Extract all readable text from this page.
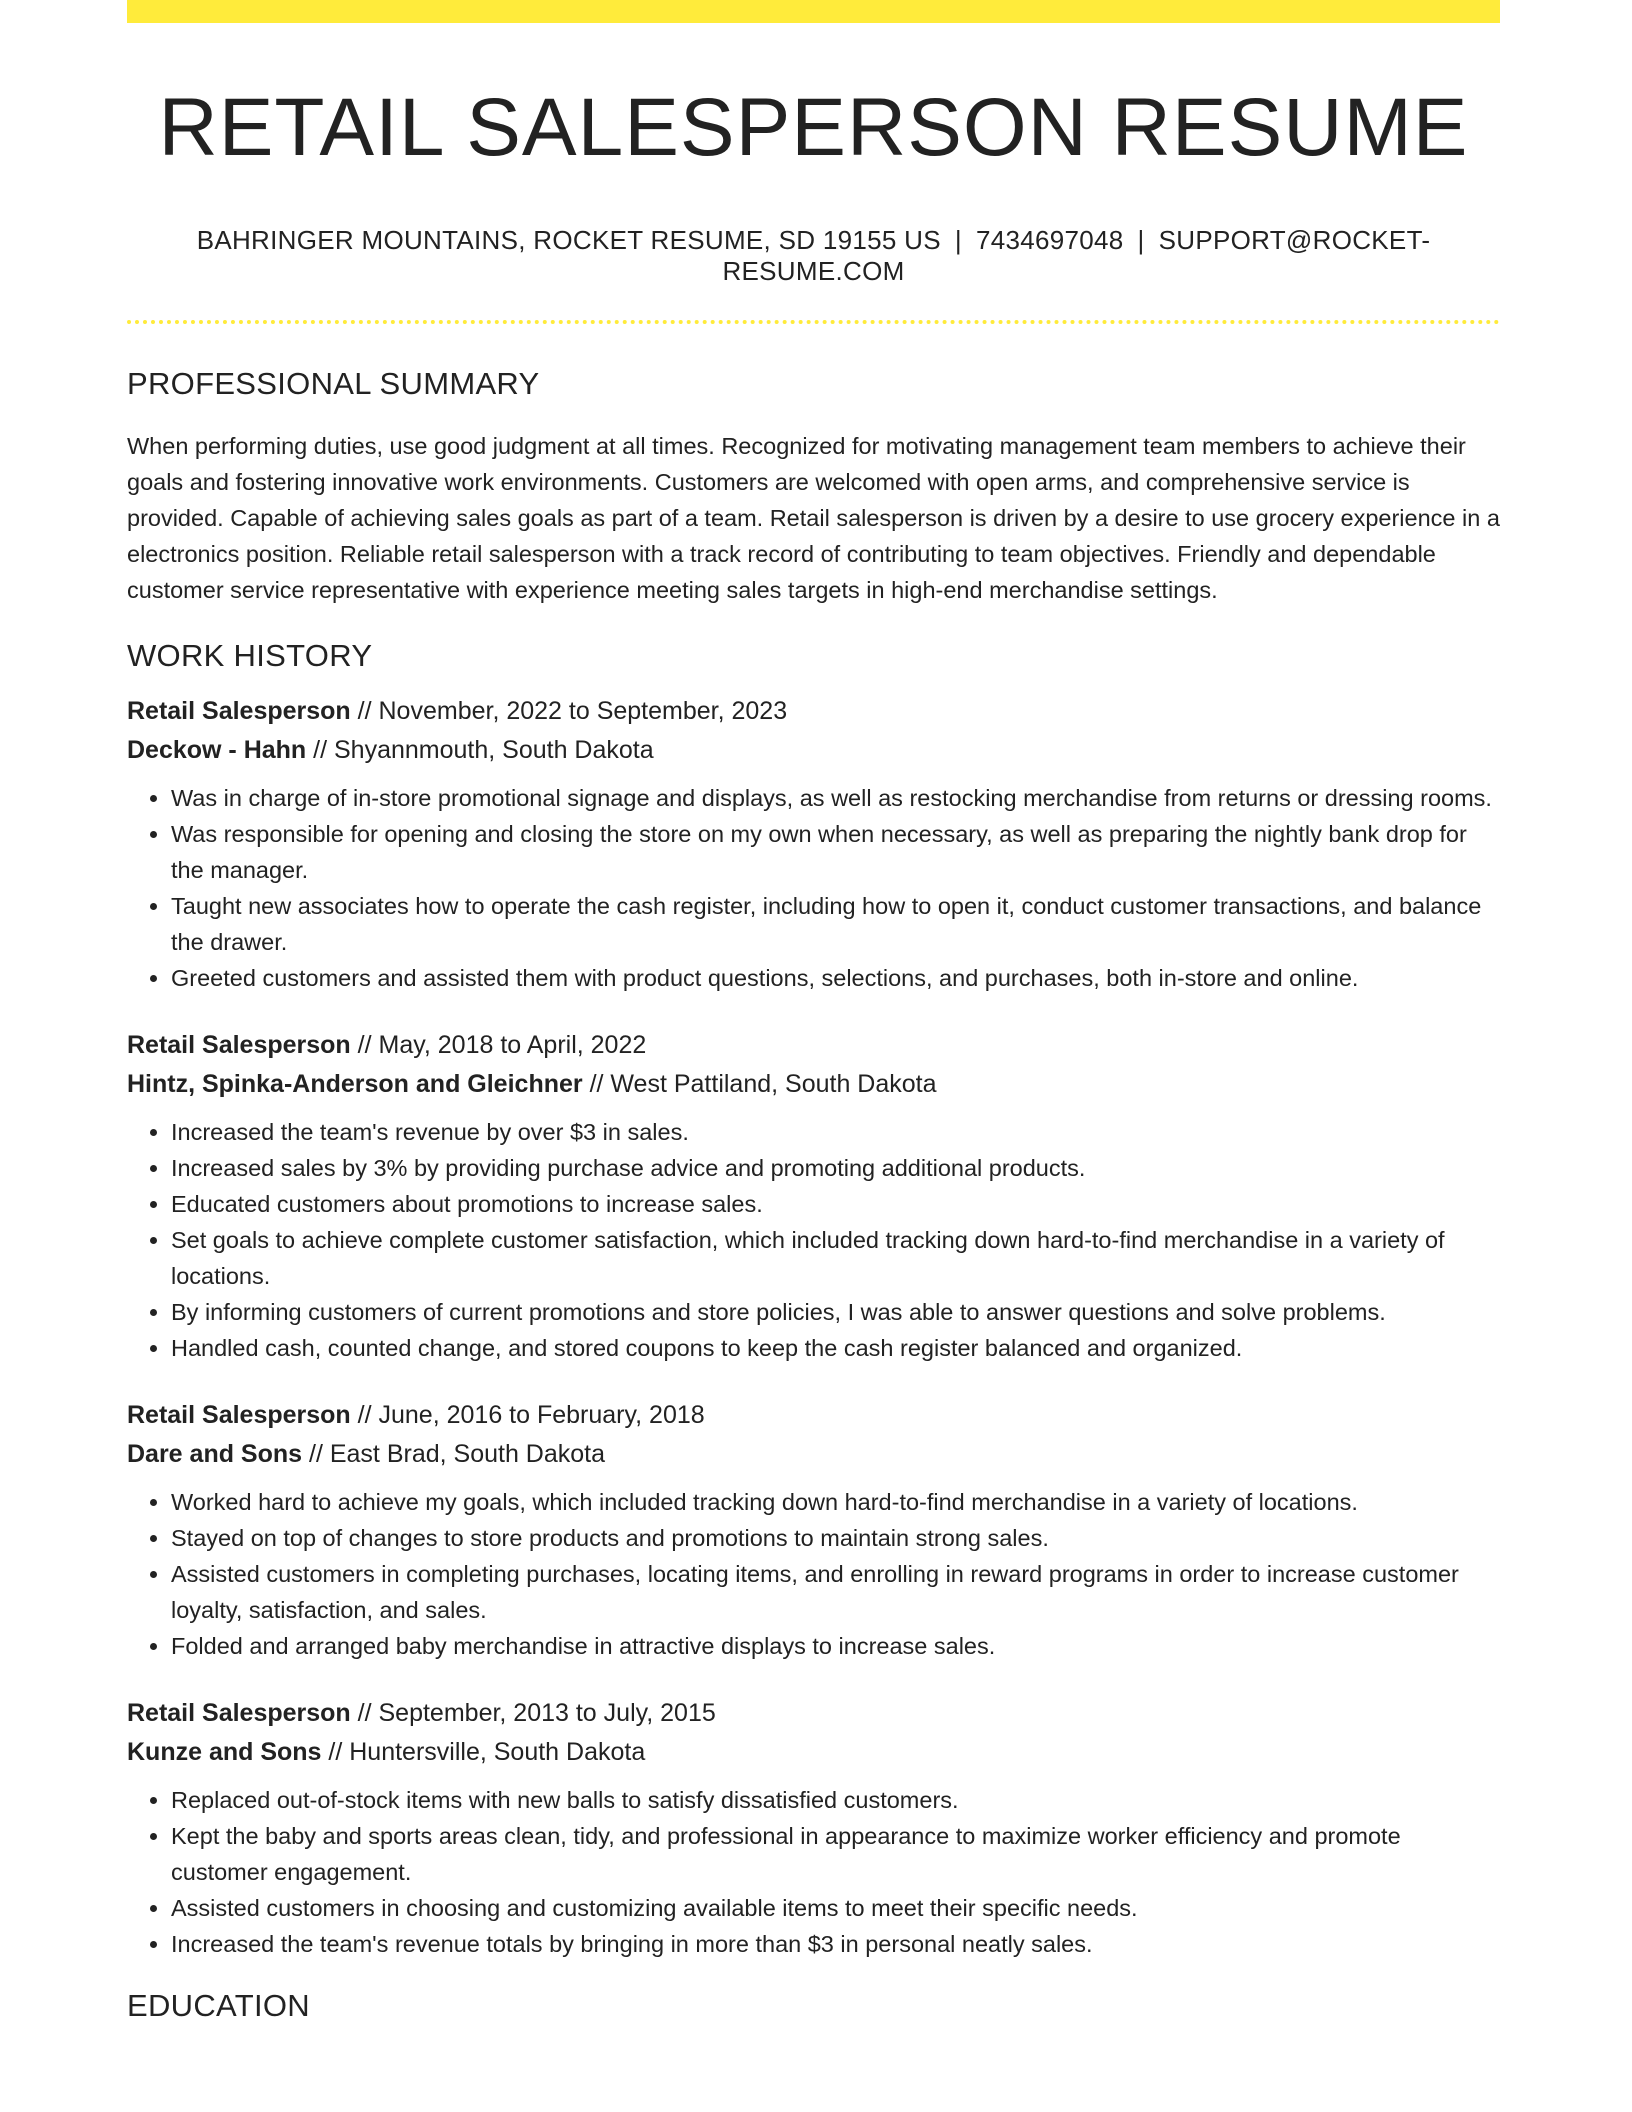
RETAIL SALESPERSON RESUME
BAHRINGER MOUNTAINS, ROCKET RESUME, SD 19155 US | 7434697048 | SUPPORT@ROCKET-RESUME.COM
PROFESSIONAL SUMMARY

When performing duties, use good judgment at all times. Recognized for motivating management team members to achieve their goals and fostering innovative work environments. Customers are welcomed with open arms, and comprehensive service is provided. Capable of achieving sales goals as part of a team. Retail salesperson is driven by a desire to use grocery experience in a electronics position. Reliable retail salesperson with a track record of contributing to team objectives. Friendly and dependable customer service representative with experience meeting sales targets in high-end merchandise settings.

WORK HISTORY
Retail Salesperson // November, 2022 to September, 2023
Deckow - Hahn // Shyannmouth, South Dakota
• Was in charge of in-store promotional signage and displays, as well as restocking merchandise from returns or dressing rooms.
• Was responsible for opening and closing the store on my own when necessary, as well as preparing the nightly bank drop for the manager.
• Taught new associates how to operate the cash register, including how to open it, conduct customer transactions, and balance the drawer.
• Greeted customers and assisted them with product questions, selections, and purchases, both in-store and online.
Retail Salesperson // May, 2018 to April, 2022
Hintz, Spinka-Anderson and Gleichner // West Pattiland, South Dakota
• Increased the team's revenue by over $3 in sales.
• Increased sales by 3% by providing purchase advice and promoting additional products.
• Educated customers about promotions to increase sales.
• Set goals to achieve complete customer satisfaction, which included tracking down hard-to-find merchandise in a variety of locations.
• By informing customers of current promotions and store policies, I was able to answer questions and solve problems.
• Handled cash, counted change, and stored coupons to keep the cash register balanced and organized.
Retail Salesperson // June, 2016 to February, 2018
Dare and Sons // East Brad, South Dakota
• Worked hard to achieve my goals, which included tracking down hard-to-find merchandise in a variety of locations.
• Stayed on top of changes to store products and promotions to maintain strong sales.
• Assisted customers in completing purchases, locating items, and enrolling in reward programs in order to increase customer loyalty, satisfaction, and sales.
• Folded and arranged baby merchandise in attractive displays to increase sales.
Retail Salesperson // September, 2013 to July, 2015
Kunze and Sons // Huntersville, South Dakota
• Replaced out-of-stock items with new balls to satisfy dissatisfied customers.
• Kept the baby and sports areas clean, tidy, and professional in appearance to maximize worker efficiency and promote customer engagement.
• Assisted customers in choosing and customizing available items to meet their specific needs.
• Increased the team's revenue totals by bringing in more than $3 in personal neatly sales.
EDUCATION
